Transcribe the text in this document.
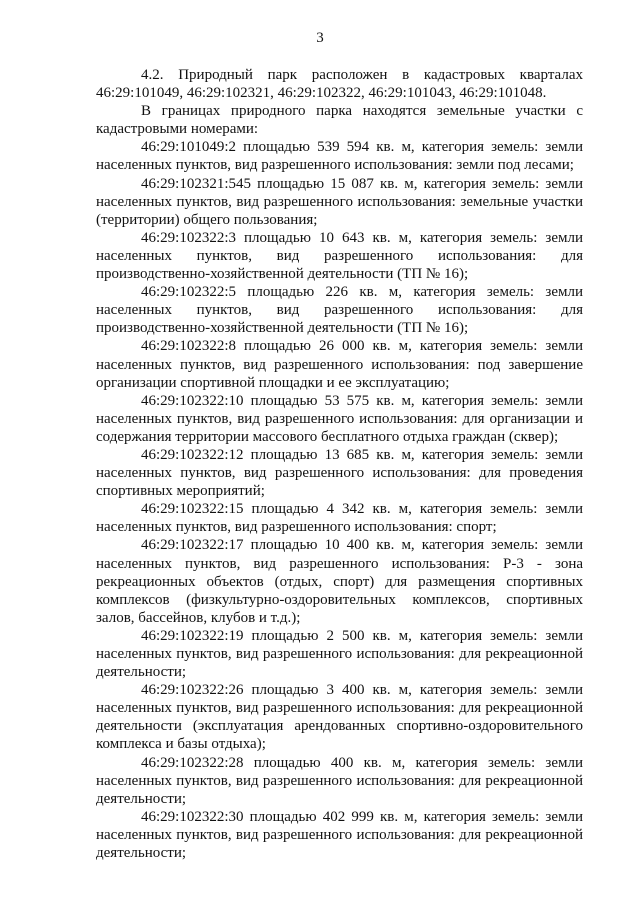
3

4.2. Природный парк расположен в кадастровых кварталах 46:29:101049, 46:29:102321, 46:29:102322, 46:29:101043, 46:29:101048.

В границах природного парка находятся земельные участки с кадастровыми номерами:

46:29:101049:2 площадью 539 594 кв. м, категория земель: земли населенных пунктов, вид разрешенного использования: земли под лесами;

46:29:102321:545 площадью 15 087 кв. м, категория земель: земли населенных пунктов, вид разрешенного использования: земельные участки (территории) общего пользования;

46:29:102322:3 площадью 10 643 кв. м, категория земель: земли населенных пунктов, вид разрешенного использования: для производственно-хозяйственной деятельности (ТП № 16);

46:29:102322:5 площадью 226 кв. м, категория земель: земли населенных пунктов, вид разрешенного использования: для производственно-хозяйственной деятельности (ТП № 16);

46:29:102322:8 площадью 26 000 кв. м, категория земель: земли населенных пунктов, вид разрешенного использования: под завершение организации спортивной площадки и ее эксплуатацию;

46:29:102322:10 площадью 53 575 кв. м, категория земель: земли населенных пунктов, вид разрешенного использования: для организации и содержания территории массового бесплатного отдыха граждан (сквер);

46:29:102322:12 площадью 13 685 кв. м, категория земель: земли населенных пунктов, вид разрешенного использования: для проведения спортивных мероприятий;

46:29:102322:15 площадью 4 342 кв. м, категория земель: земли населенных пунктов, вид разрешенного использования: спорт;

46:29:102322:17 площадью 10 400 кв. м, категория земель: земли населенных пунктов, вид разрешенного использования: Р-3 - зона рекреационных объектов (отдых, спорт) для размещения спортивных комплексов (физкультурно-оздоровительных комплексов, спортивных залов, бассейнов, клубов и т.д.);

46:29:102322:19 площадью 2 500 кв. м, категория земель: земли населенных пунктов, вид разрешенного использования: для рекреационной деятельности;

46:29:102322:26 площадью 3 400 кв. м, категория земель: земли населенных пунктов, вид разрешенного использования: для рекреационной деятельности (эксплуатация арендованных спортивно-оздоровительного комплекса и базы отдыха);

46:29:102322:28 площадью 400 кв. м, категория земель: земли населенных пунктов, вид разрешенного использования: для рекреационной деятельности;

46:29:102322:30 площадью 402 999 кв. м, категория земель: земли населенных пунктов, вид разрешенного использования: для рекреационной деятельности;
